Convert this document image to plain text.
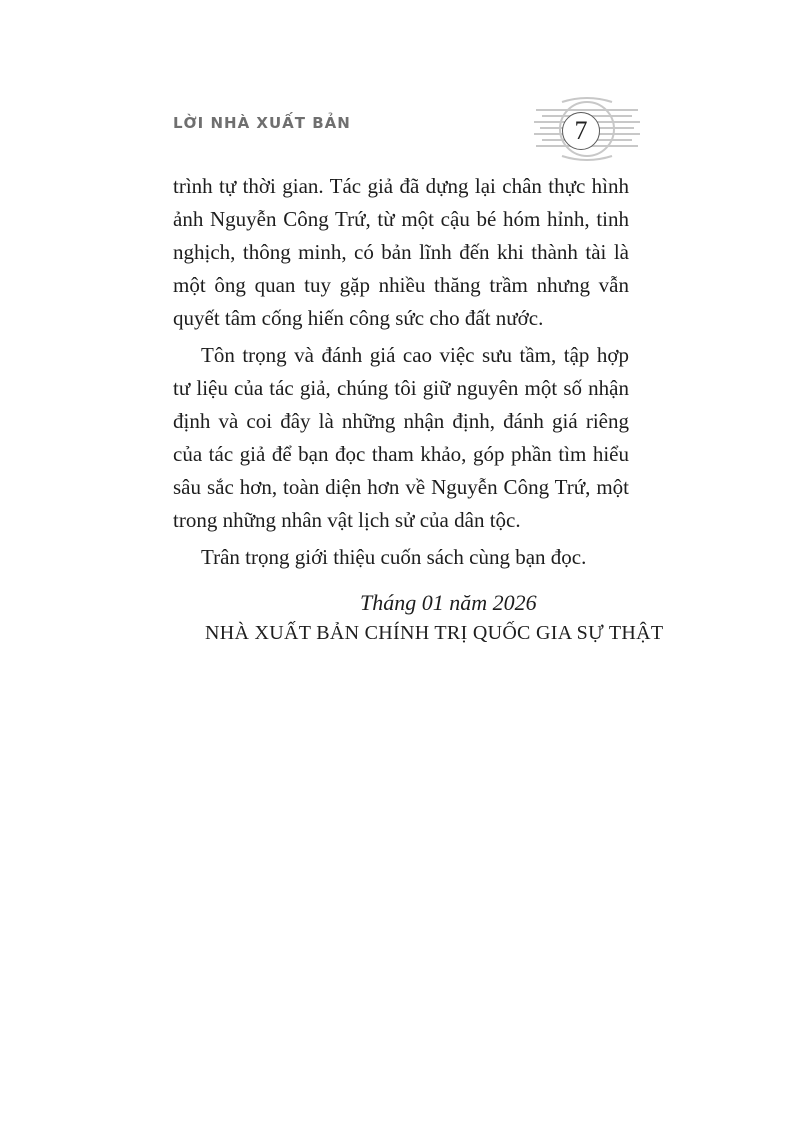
LỜI NHÀ XUẤT BẢN	7

trình tự thời gian. Tác giả đã dựng lại chân thực hình ảnh Nguyễn Công Trứ, từ một cậu bé hóm hỉnh, tinh nghịch, thông minh, có bản lĩnh đến khi thành tài là một ông quan tuy gặp nhiều thăng trầm nhưng vẫn quyết tâm cống hiến công sức cho đất nước.

Tôn trọng và đánh giá cao việc sưu tầm, tập hợp tư liệu của tác giả, chúng tôi giữ nguyên một số nhận định và coi đây là những nhận định, đánh giá riêng của tác giả để bạn đọc tham khảo, góp phần tìm hiểu sâu sắc hơn, toàn diện hơn về Nguyễn Công Trứ, một trong những nhân vật lịch sử của dân tộc.

Trân trọng giới thiệu cuốn sách cùng bạn đọc.

Tháng 01 năm 2026
NHÀ XUẤT BẢN CHÍNH TRỊ QUỐC GIA SỰ THẬT
